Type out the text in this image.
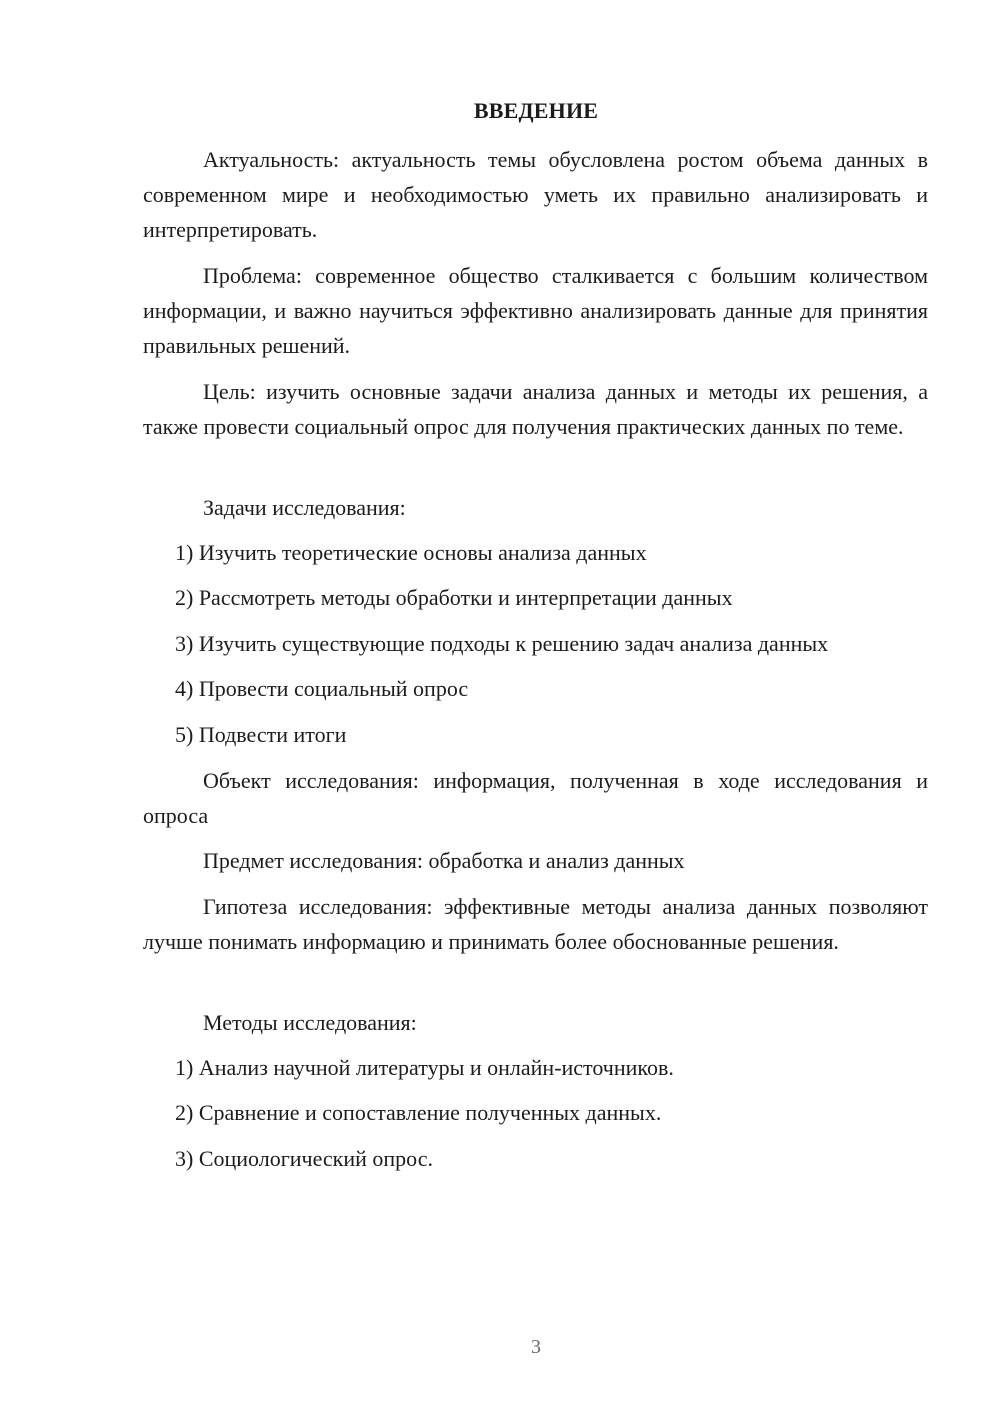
ВВЕДЕНИЕ

Актуальность: актуальность темы обусловлена ростом объема данных в современном мире и необходимостью уметь их правильно анализировать и интерпретировать.

Проблема: современное общество сталкивается с большим количеством информации, и важно научиться эффективно анализировать данные для принятия правильных решений.

Цель: изучить основные задачи анализа данных и методы их решения, а также провести социальный опрос для получения практических данных по теме.

Задачи исследования:

1) Изучить теоретические основы анализа данных

2) Рассмотреть методы обработки и интерпретации данных

3) Изучить существующие подходы к решению задач анализа данных

4) Провести социальный опрос

5) Подвести итоги

Объект исследования: информация, полученная в ходе исследования и опроса

Предмет исследования: обработка и анализ данных

Гипотеза исследования: эффективные методы анализа данных позволяют лучше понимать информацию и принимать более обоснованные решения.

Методы исследования:

1) Анализ научной литературы и онлайн-источников.

2) Сравнение и сопоставление полученных данных.

3) Социологический опрос.

3
